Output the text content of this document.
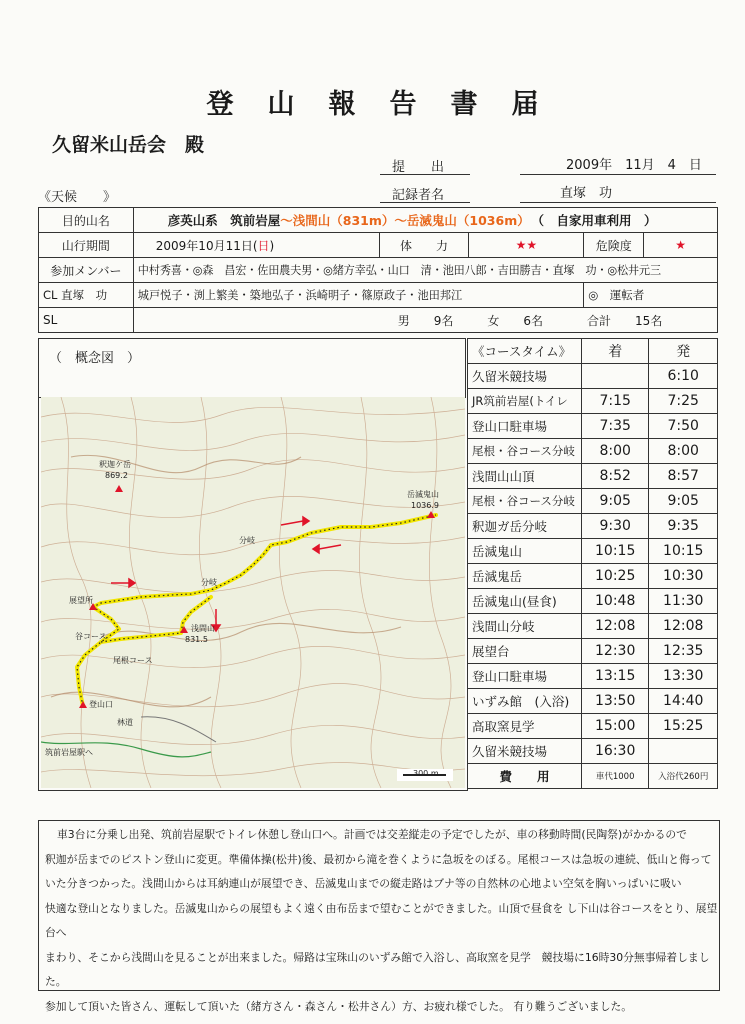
登 山 報 告 書 届
久留米山岳会　殿
提　　出	2009年　11月　4　日
《天候　　》	記録者名	直塚　功
目的山名	彦英山系　筑前岩屋～浅間山（831m）～岳滅鬼山（1036m） （　自家用車利用　）				
山行期間	2009年10月11日(日)	体　　力	★★	危険度	★
参加メンバー	中村秀喜・◎森　昌宏・佐田農夫男・◎緒方幸弘・山口　清・池田八郎・吉田勝吉・直塚　功・◎松井元三				
CL 直塚　功	城戸悦子・渕上繁美・築地弘子・浜崎明子・篠原政子・池田邦江			◎　運転者	
SL	男　　9名 女　　6名 合計　　15名				
（　概念図　）
釈迦ケ岳
869.2
岳滅鬼山
1036.9
分岐
分岐
展望所
浅間山
831.5
谷コース
尾根コース
登山口
林道
筑前岩屋駅へ
300 m
《コースタイム》	着	発
久留米競技場		6:10
JR筑前岩屋(トイレ	7:15	7:25
登山口駐車場	7:35	7:50
尾根・谷コース分岐	8:00	8:00
浅間山山頂	8:52	8:57
尾根・谷コース分岐	9:05	9:05
釈迦ガ岳分岐	9:30	9:35
岳滅鬼山	10:15	10:15
岳滅鬼岳	10:25	10:30
岳滅鬼山(昼食)	10:48	11:30
浅間山分岐	12:08	12:08
展望台	12:30	12:35
登山口駐車場	13:15	13:30
いずみ館　(入浴)	13:50	14:40
高取窯見学	15:00	15:25
久留米競技場	16:30	
費　　用	車代1000	入浴代260円
車3台に分乗し出発、筑前岩屋駅でトイレ休憩し登山口へ。計画では交差縦走の予定でしたが、車の移動時間(民陶祭)がかかるので
釈迦が岳までのピストン登山に変更。準備体操(松井)後、最初から滝を巻くように急坂をのぼる。尾根コースは急坂の連続、低山と侮って
いた分きつかった。浅間山からは耳納連山が展望でき、岳滅鬼山までの縦走路はブナ等の自然林の心地よい空気を胸いっぱいに吸い
快適な登山となりました。岳滅鬼山からの展望もよく遠く由布岳まで望むことができました。山頂で昼食を し下山は谷コースをとり、展望台へ
まわり、そこから浅間山を見ることが出来ました。帰路は宝珠山のいずみ館で入浴し、高取窯を見学　競技場に16時30分無事帰着しました。
参加して頂いた皆さん、運転して頂いた（緒方さん・森さん・松井さん）方、お疲れ様でした。 有り難うございました。
